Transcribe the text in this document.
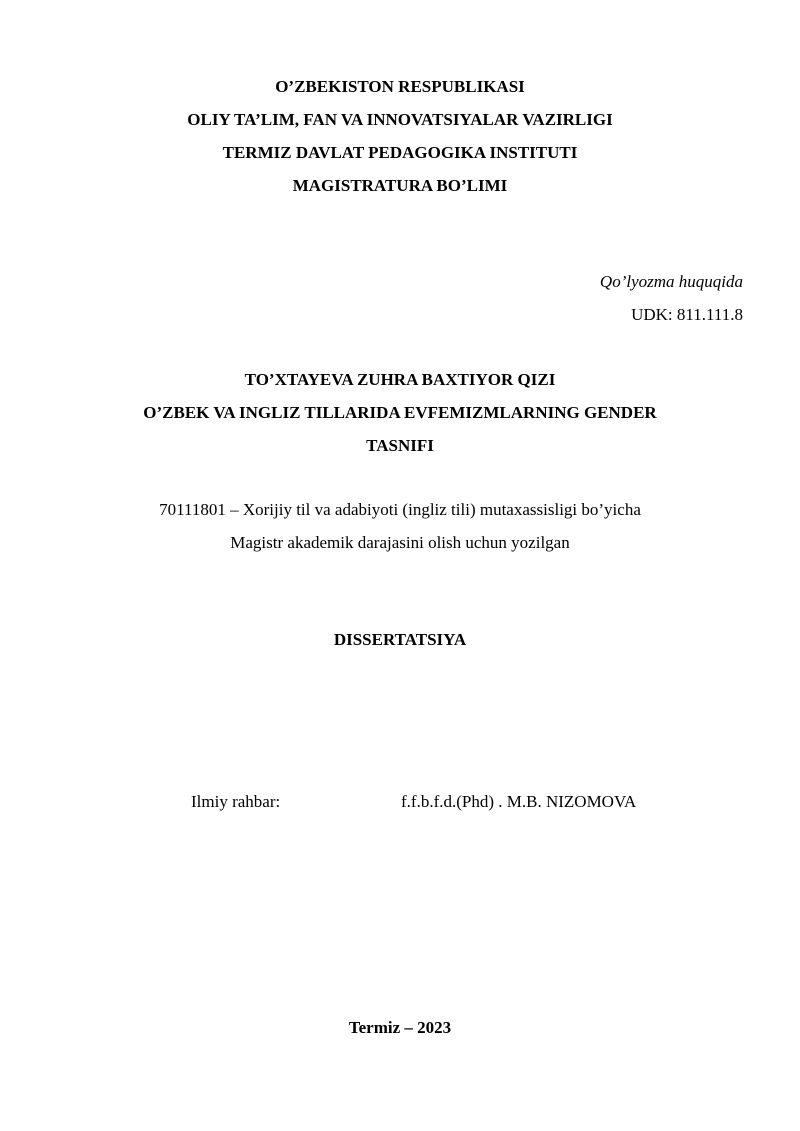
O’ZBEKISTON RESPUBLIKASI
OLIY TA’LIM, FAN VA INNOVATSIYALAR VAZIRLIGI
TERMIZ DAVLAT PEDAGOGIKA INSTITUTI
MAGISTRATURA BO’LIMI
Qo’lyozma huquqida
UDK: 811.111.8
TO’XTAYEVA ZUHRA BAXTIYOR QIZI
O’ZBEK VA INGLIZ TILLARIDA EVFEMIZMLARNING GENDER
TASNIFI
70111801 – Xorijiy til va adabiyoti (ingliz tili) mutaxassisligi bo’yicha
Magistr akademik darajasini olish uchun yozilgan
DISSERTATSIYA
Ilmiy rahbar:	f.f.b.f.d.(Phd) . M.B. NIZOMOVA
Termiz – 2023
